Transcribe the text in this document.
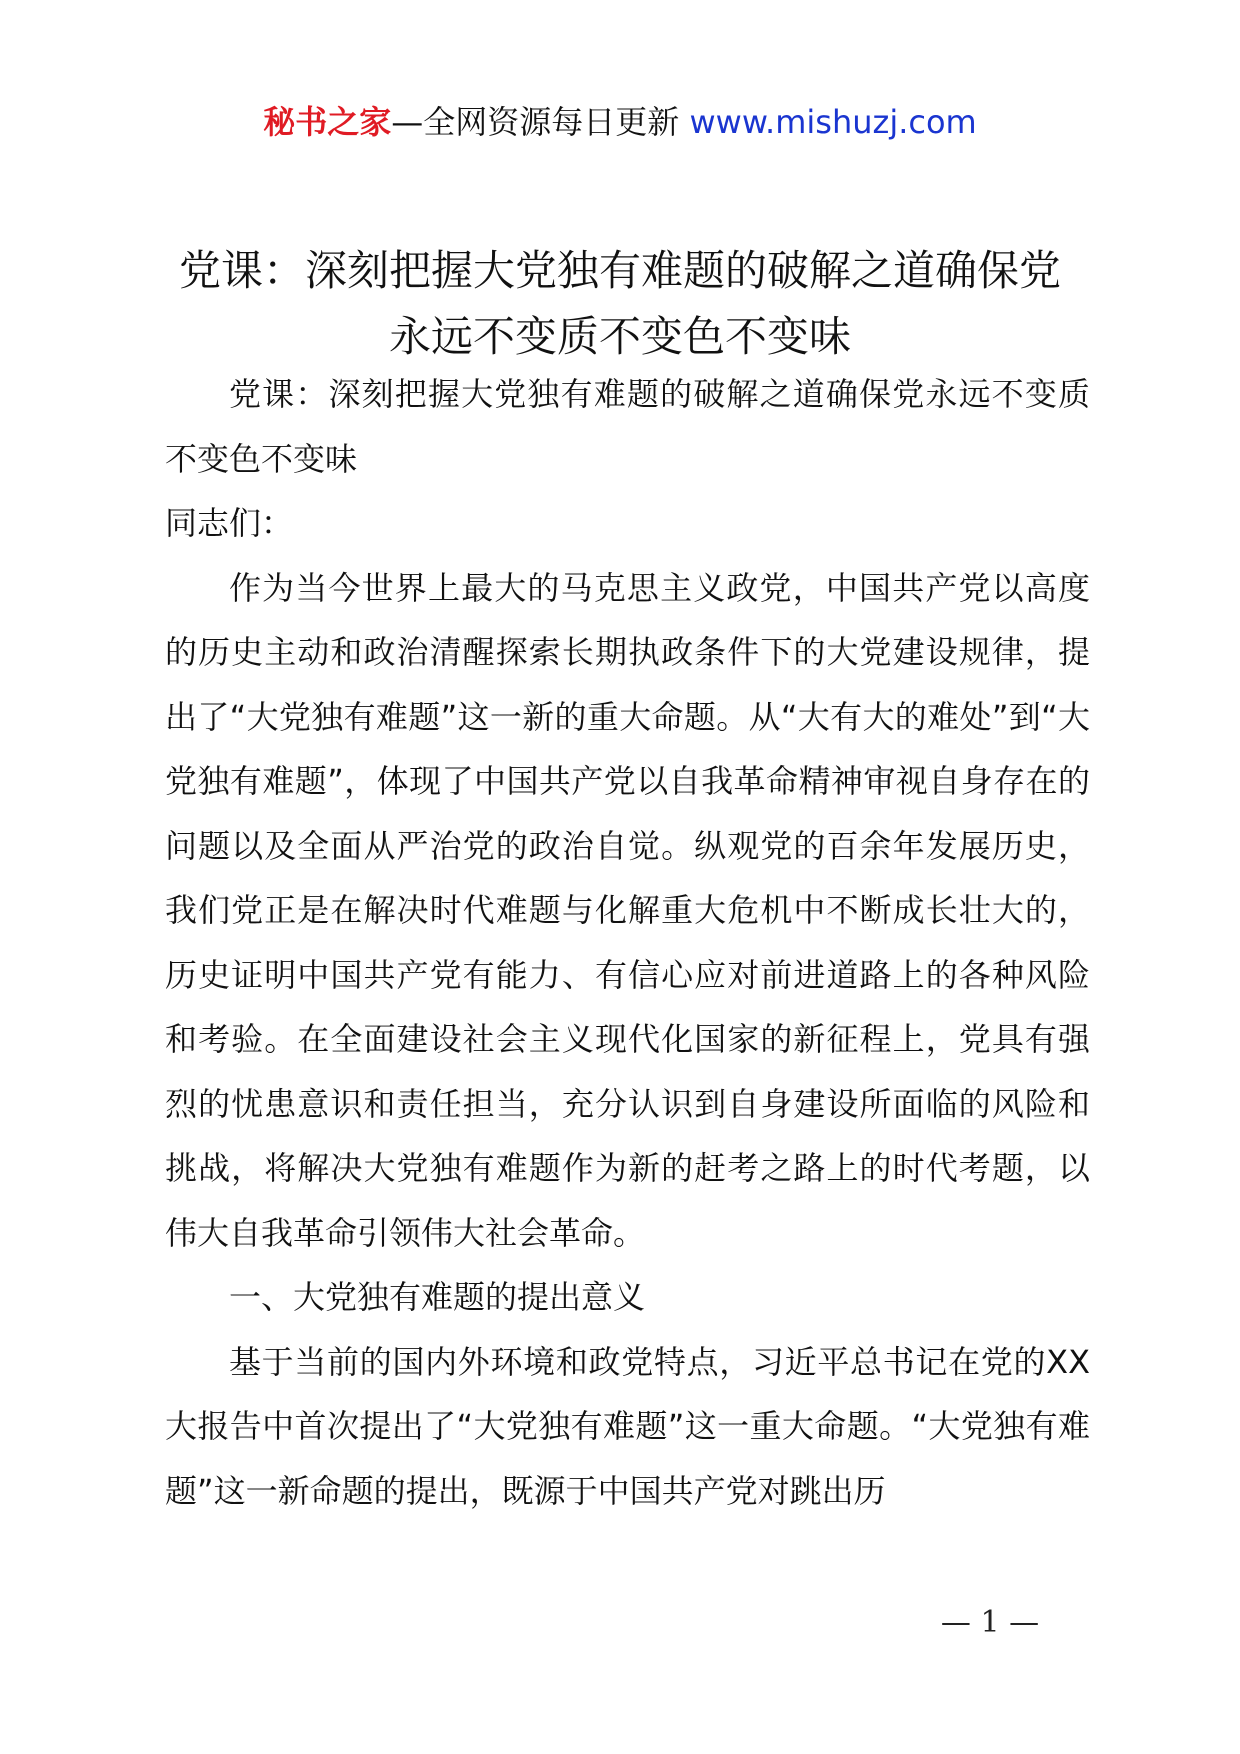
秘书之家—全网资源每日更新 www.mishuzj.com
党课：深刻把握大党独有难题的破解之道确保党永远不变质不变色不变味

党课：深刻把握大党独有难题的破解之道确保党永远不变质不变色不变味

同志们：

作为当今世界上最大的马克思主义政党，中国共产党以高度的历史主动和政治清醒探索长期执政条件下的大党建设规律，提出了“大党独有难题”这一新的重大命题。从“大有大的难处”到“大党独有难题”，体现了中国共产党以自我革命精神审视自身存在的问题以及全面从严治党的政治自觉。纵观党的百余年发展历史，我们党正是在解决时代难题与化解重大危机中不断成长壮大的，历史证明中国共产党有能力、有信心应对前进道路上的各种风险和考验。在全面建设社会主义现代化国家的新征程上，党具有强烈的忧患意识和责任担当，充分认识到自身建设所面临的风险和挑战，将解决大党独有难题作为新的赶考之路上的时代考题，以伟大自我革命引领伟大社会革命。

一、大党独有难题的提出意义

基于当前的国内外环境和政党特点，习近平总书记在党的XX大报告中首次提出了“大党独有难题”这一重大命题。“大党独有难题”这一新命题的提出，既源于中国共产党对跳出历

— 1 —
